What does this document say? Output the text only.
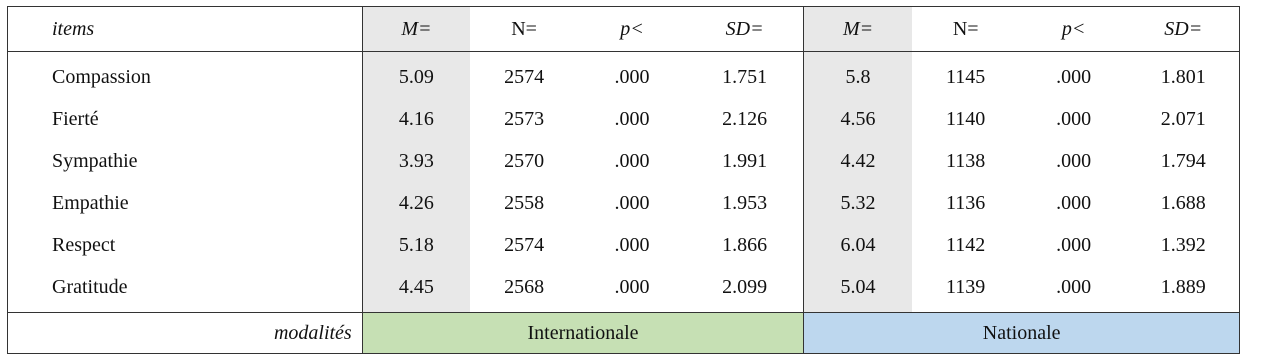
items	M=	N=	p<	SD=	M=	N=	p<	SD=
Compassion	5.09	2574	.000	1.751	5.8	1145	.000	1.801
Fierté	4.16	2573	.000	2.126	4.56	1140	.000	2.071
Sympathie	3.93	2570	.000	1.991	4.42	1138	.000	1.794
Empathie	4.26	2558	.000	1.953	5.32	1136	.000	1.688
Respect	5.18	2574	.000	1.866	6.04	1142	.000	1.392
Gratitude	4.45	2568	.000	2.099	5.04	1139	.000	1.889
modalités	Internationale				Nationale			
